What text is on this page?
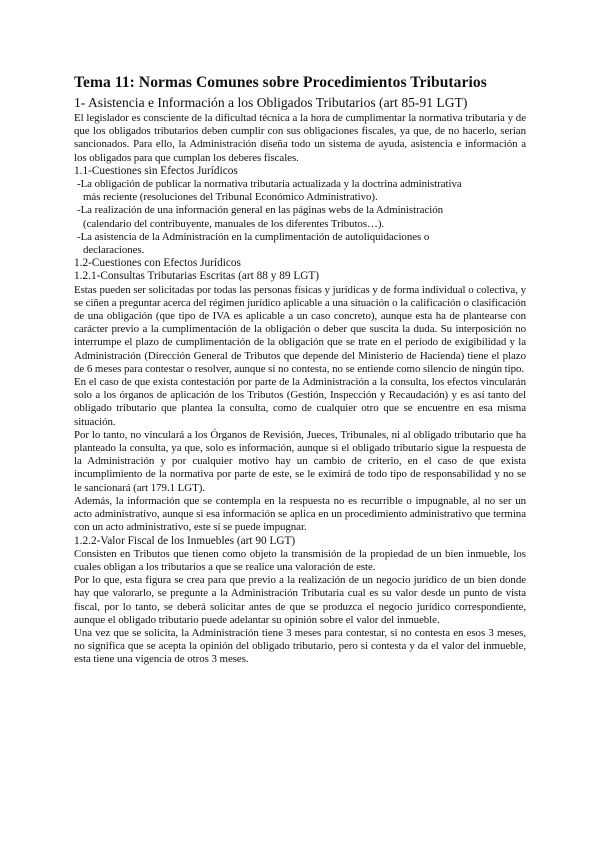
Tema 11: Normas Comunes sobre Procedimientos Tributarios
1- Asistencia e Información a los Obligados Tributarios (art 85-91 LGT)

El legislador es consciente de la dificultad técnica a la hora de cumplimentar la normativa tributaria y de que los obligados tributarios deben cumplir con sus obligaciones fiscales, ya que, de no hacerlo, serían sancionados. Para ello, la Administración diseña todo un sistema de ayuda, asistencia e información a los obligados para que cumplan los deberes fiscales.

1.1-Cuestiones sin Efectos Jurídicos

-La obligación de publicar la normativa tributaria actualizada y la doctrina administrativa
más reciente (resoluciones del Tribunal Económico Administrativo).

-La realización de una información general en las páginas webs de la Administración
(calendario del contribuyente, manuales de los diferentes Tributos…).

-La asistencia de la Administración en la cumplimentación de autoliquidaciones o
declaraciones.

1.2-Cuestiones con Efectos Jurídicos
1.2.1-Consultas Tributarias Escritas (art 88 y 89 LGT)

Estas pueden ser solicitadas por todas las personas físicas y jurídicas y de forma individual o colectiva, y se ciñen a preguntar acerca del régimen jurídico aplicable a una situación o la calificación o clasificación de una obligación (que tipo de IVA es aplicable a un caso concreto), aunque esta ha de plantearse con carácter previo a la cumplimentación de la obligación o deber que suscita la duda. Su interposición no interrumpe el plazo de cumplimentación de la obligación que se trate en el periodo de exigibilidad y la Administración (Dirección General de Tributos que depende del Ministerio de Hacienda) tiene el plazo de 6 meses para contestar o resolver, aunque si no contesta, no se entiende como silencio de ningún tipo.

En el caso de que exista contestación por parte de la Administración a la consulta, los efectos vincularán solo a los órganos de aplicación de los Tributos (Gestión, Inspección y Recaudación) y es así tanto del obligado tributario que plantea la consulta, como de cualquier otro que se encuentre en esa misma situación.

Por lo tanto, no vinculará a los Órganos de Revisión, Jueces, Tribunales, ni al obligado tributario que ha planteado la consulta, ya que, solo es información, aunque si el obligado tributario sigue la respuesta de la Administración y por cualquier motivo hay un cambio de criterio, en el caso de que exista incumplimiento de la normativa por parte de este, se le eximirá de todo tipo de responsabilidad y no se le sancionará (art 179.1 LGT).

Además, la información que se contempla en la respuesta no es recurrible o impugnable, al no ser un acto administrativo, aunque si esa información se aplica en un procedimiento administrativo que termina con un acto administrativo, este sí se puede impugnar.

1.2.2-Valor Fiscal de los Inmuebles (art 90 LGT)

Consisten en Tributos que tienen como objeto la transmisión de la propiedad de un bien inmueble, los cuales obligan a los tributarios a que se realice una valoración de este.

Por lo que, esta figura se crea para que previo a la realización de un negocio jurídico de un bien donde hay que valorarlo, se pregunte a la Administración Tributaria cual es su valor desde un punto de vista fiscal, por lo tanto, se deberá solicitar antes de que se produzca el negocio jurídico correspondiente, aunque el obligado tributario puede adelantar su opinión sobre el valor del inmueble.

Una vez que se solicita, la Administración tiene 3 meses para contestar, si no contesta en esos 3 meses, no significa que se acepta la opinión del obligado tributario, pero si contesta y da el valor del inmueble, esta tiene una vigencia de otros 3 meses.
